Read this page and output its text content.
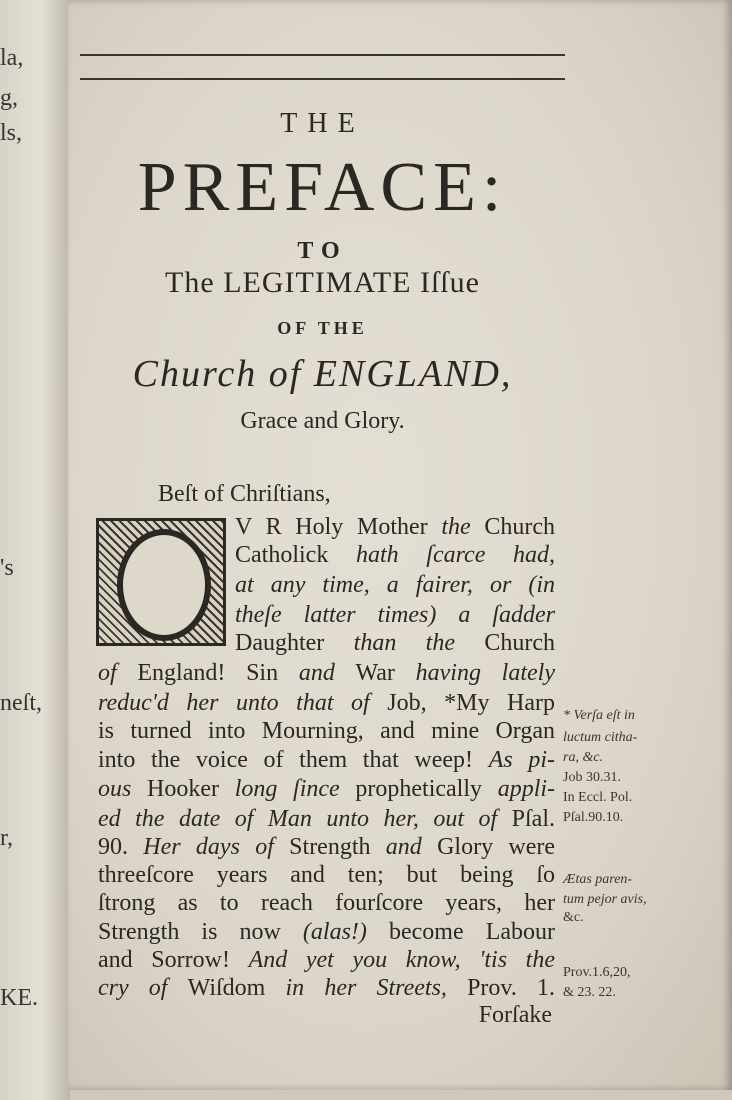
la,
g,
ls,
's
neſt,
r,
KE.
THE
PREFACE:
TO
The LEGITIMATE Iſſue
OF THE
Church of ENGLAND,
Grace and Glory.
Beſt of Chriſtians,
V R Holy Mother the Church
Catholick hath ſcarce had,
at any time, a fairer, or (in
theſe latter times) a ſadder
Daughter than the Church
of England! Sin and War having lately
reduc'd her unto that of Job, *My Harp
is turned into Mourning, and mine Organ
into the voice of them that weep! As pi-
ous Hooker long ſince prophetically appli-
ed the date of Man unto her, out of Pſal.
90. Her days of Strength and Glory were
threeſcore years and ten; but being ſo
ſtrong as to reach fourſcore years, her
Strength is now (alas!) become Labour
and Sorrow! And yet you know, 'tis the
cry of Wiſdom in her Streets, Prov. 1.
Forſake
* Verſa eſt in
luctum citha-
ra, &c.
Job 30.31.
In Eccl. Pol.
Pſal.90.10.
Ætas paren-
tum pejor avis,
&c.
Prov.1.6,20,
& 23. 22.
